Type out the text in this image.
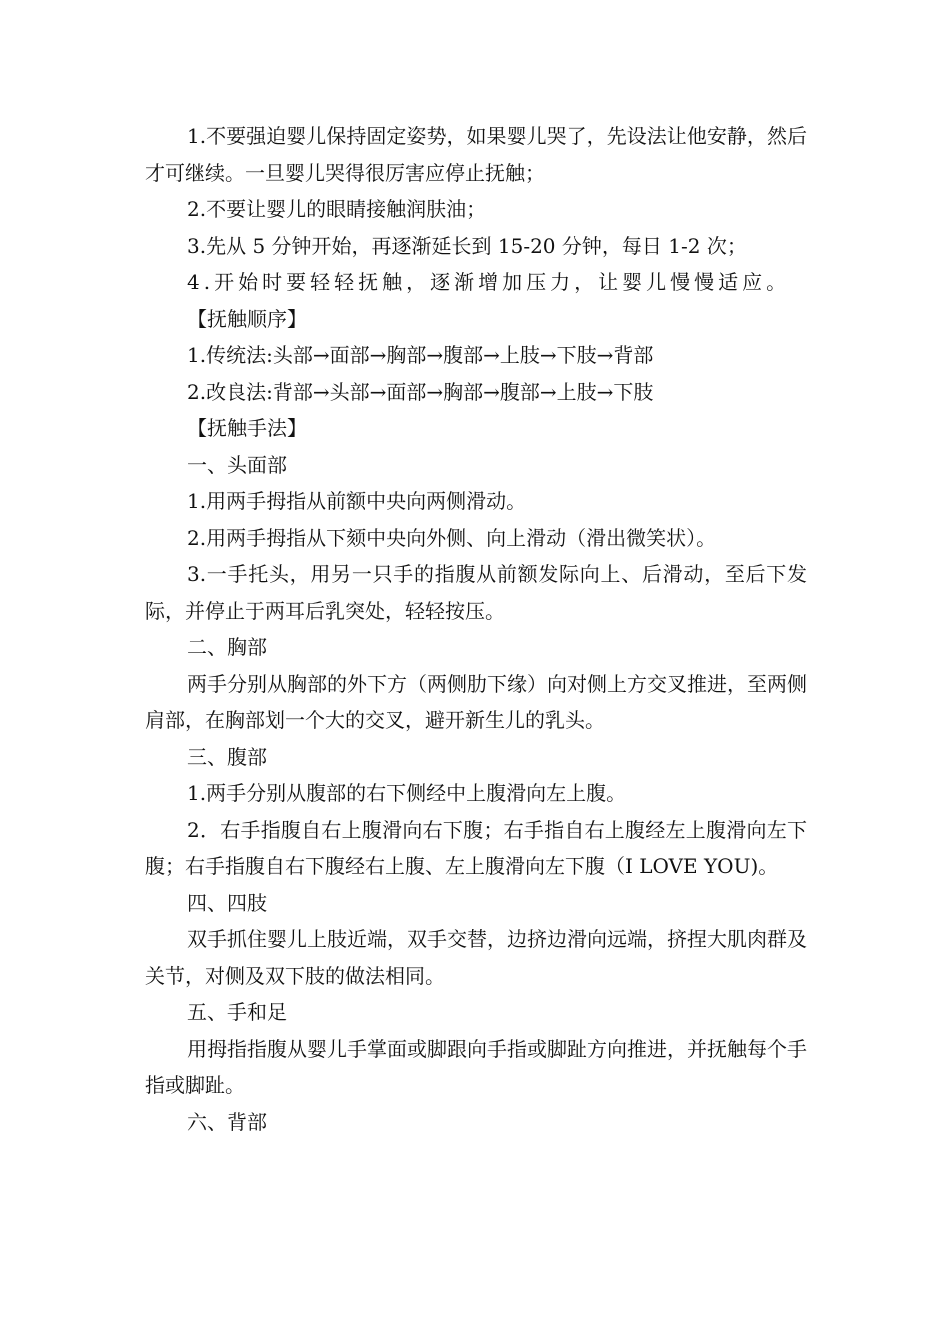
1.不要强迫婴儿保持固定姿势，如果婴儿哭了，先设法让他安静，然后才可继续。一旦婴儿哭得很厉害应停止抚触；

2.不要让婴儿的眼睛接触润肤油；

3.先从 5 分钟开始，再逐渐延长到 15-20 分钟，每日 1-2 次；

4.开始时要轻轻抚触，逐渐增加压力，让婴儿慢慢适应。

【抚触顺序】

1.传统法:头部→面部→胸部→腹部→上肢→下肢→背部

2.改良法:背部→头部→面部→胸部→腹部→上肢→下肢

【抚触手法】

一、头面部

1.用两手拇指从前额中央向两侧滑动。

2.用两手拇指从下颏中央向外侧、向上滑动（滑出微笑状）。

3.一手托头，用另一只手的指腹从前额发际向上、后滑动，至后下发际，并停止于两耳后乳突处，轻轻按压。

二、胸部

两手分别从胸部的外下方（两侧肋下缘）向对侧上方交叉推进，至两侧肩部，在胸部划一个大的交叉，避开新生儿的乳头。

三、腹部

1.两手分别从腹部的右下侧经中上腹滑向左上腹。

2．右手指腹自右上腹滑向右下腹；右手指自右上腹经左上腹滑向左下腹；右手指腹自右下腹经右上腹、左上腹滑向左下腹（I LOVE YOU)。

四、四肢

双手抓住婴儿上肢近端，双手交替，边挤边滑向远端，挤捏大肌肉群及关节，对侧及双下肢的做法相同。

五、手和足

用拇指指腹从婴儿手掌面或脚跟向手指或脚趾方向推进，并抚触每个手指或脚趾。

六、背部
